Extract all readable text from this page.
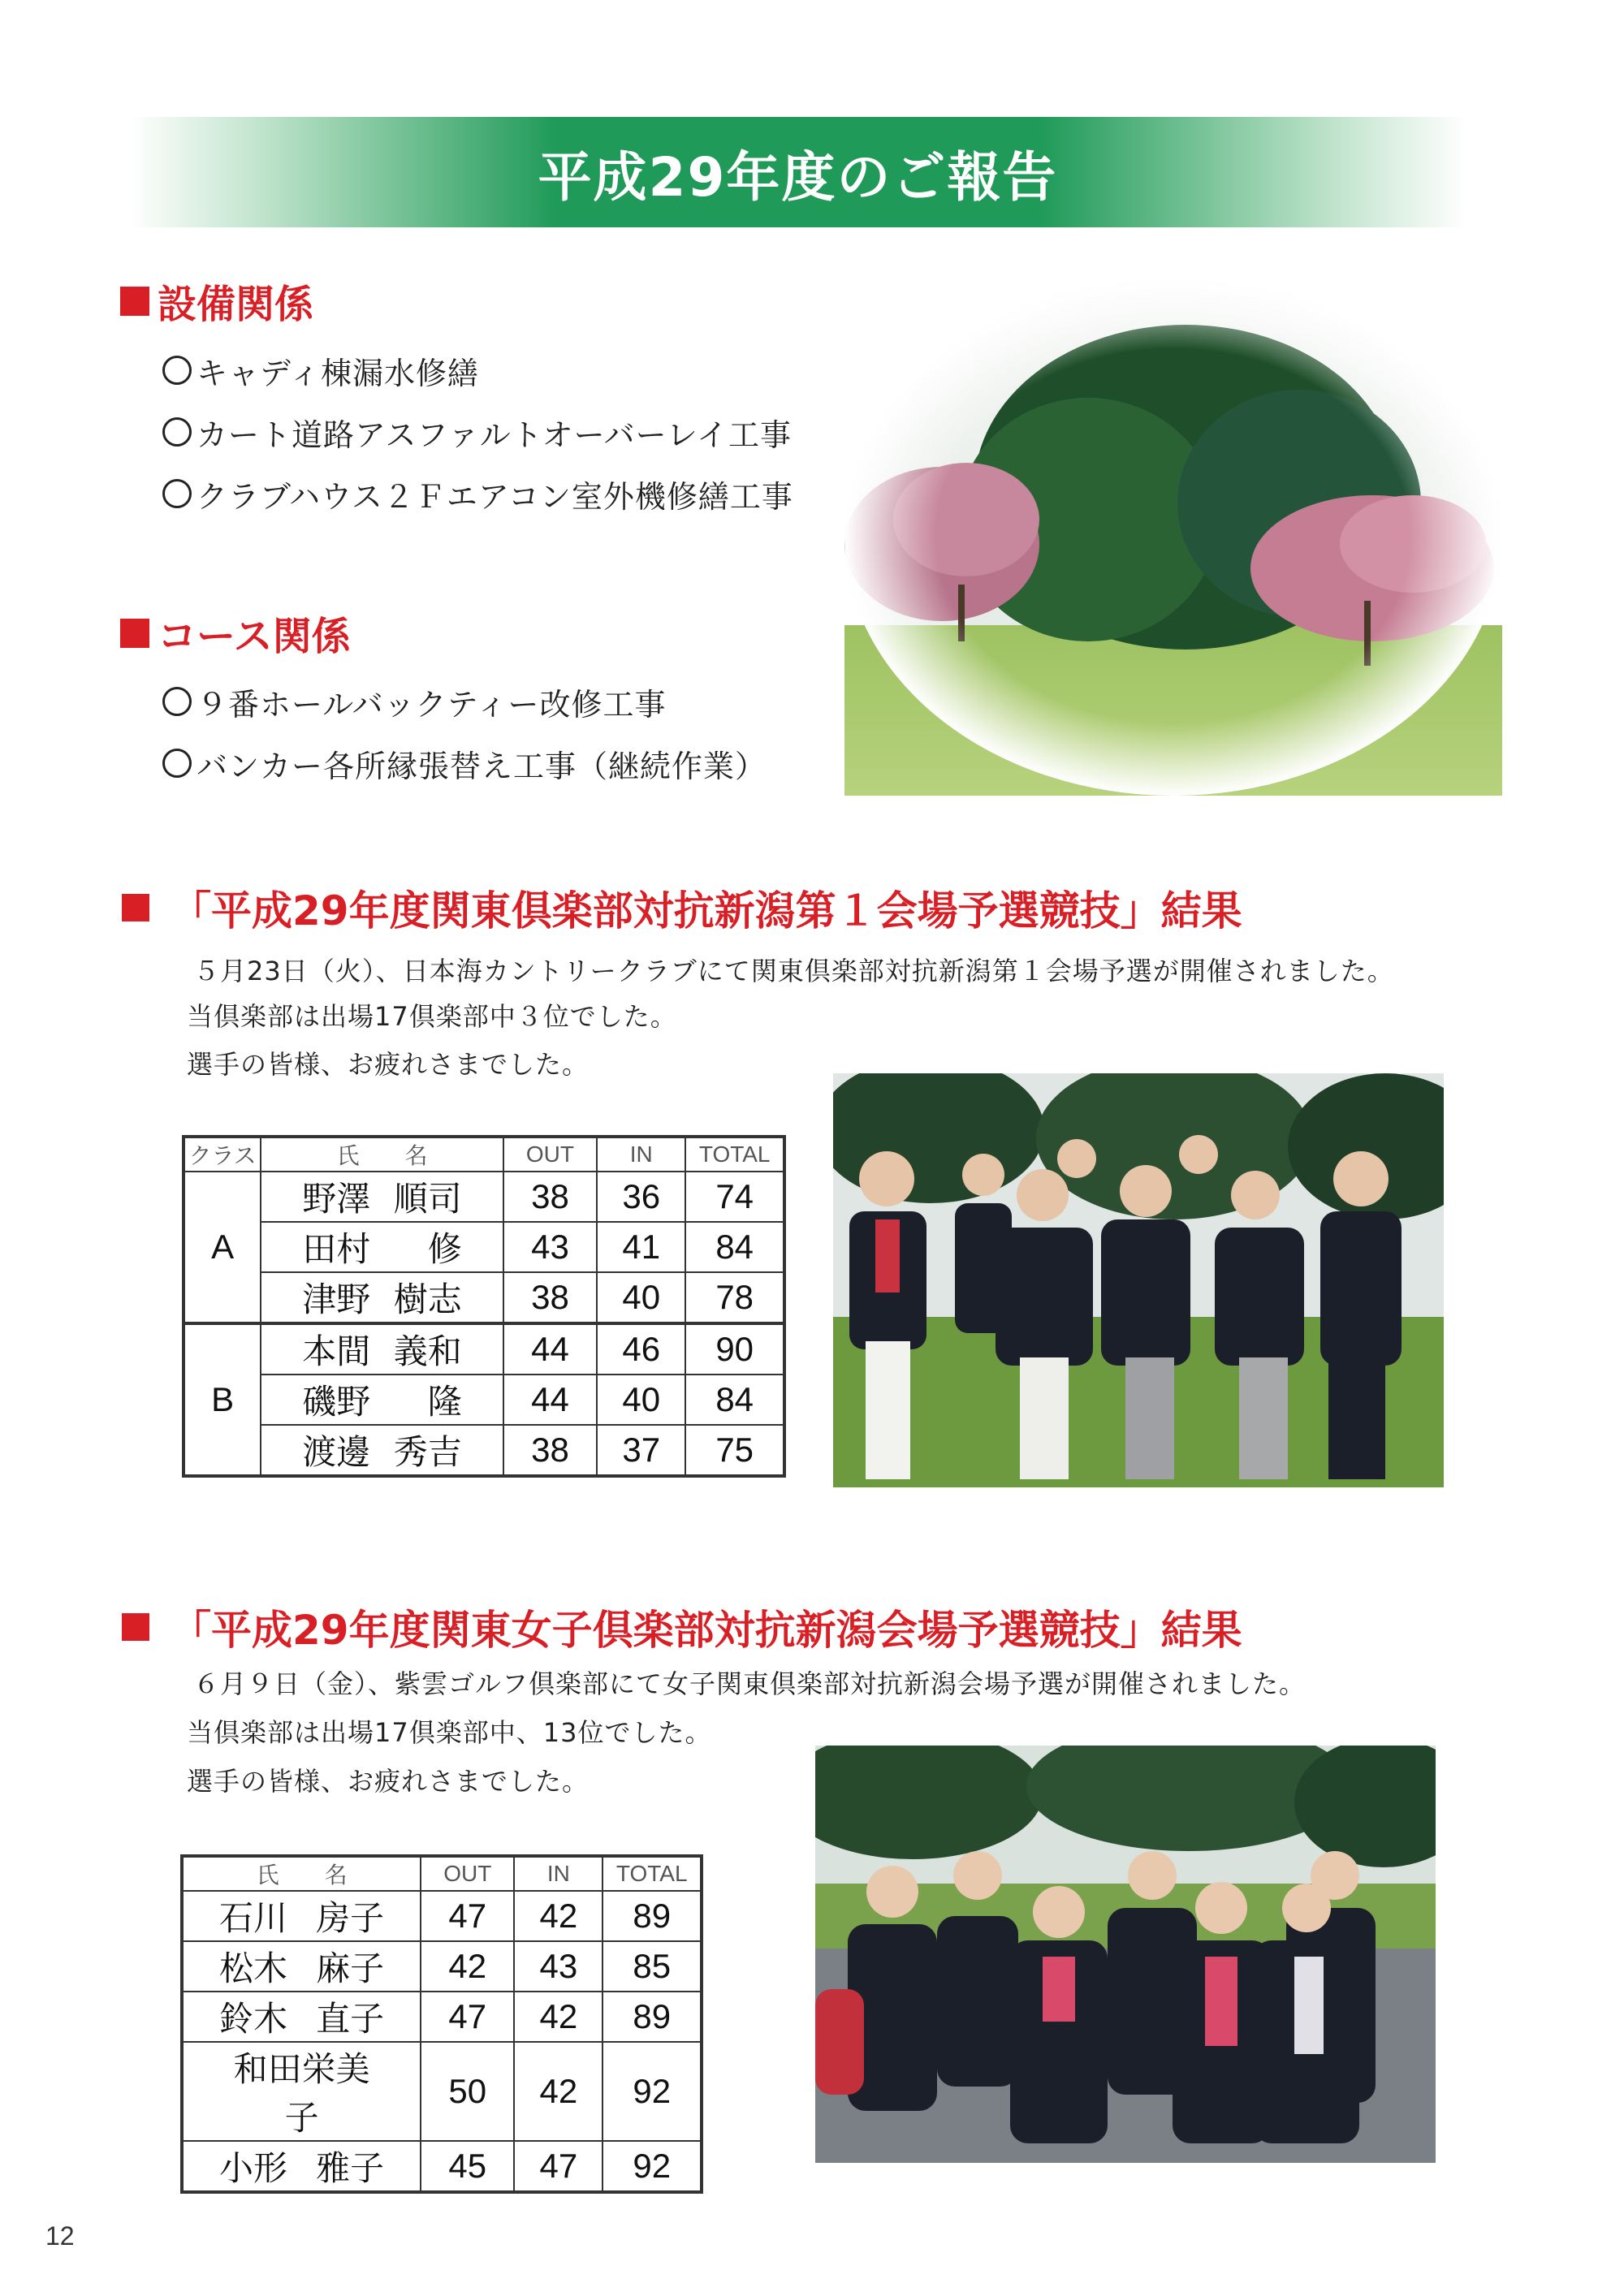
平成29年度のご報告
設備関係
キャディ棟漏水修繕
カート道路アスファルトオーバーレイ工事
クラブハウス２Ｆエアコン室外機修繕工事
コース関係
９番ホールバックティー改修工事
バンカー各所縁張替え工事（継続作業）
「平成29年度関東倶楽部対抗新潟第１会場予選競技」結果

５月23日（火）、日本海カントリークラブにて関東倶楽部対抗新潟第１会場予選が開催されました。

当倶楽部は出場17倶楽部中３位でした。

選手の皆様、お疲れさまでした。

クラス	氏　　名	OUT	IN	TOTAL
A	野澤 順司	38	36	74

	田村 修	43	41	84

	津野 樹志	38	40	78
B	本間 義和	44	46	90

	磯野 隆	44	40	84

	渡邊 秀吉	38	37	75
「平成29年度関東女子倶楽部対抗新潟会場予選競技」結果

６月９日（金）、紫雲ゴルフ倶楽部にて女子関東倶楽部対抗新潟会場予選が開催されました。

当倶楽部は出場17倶楽部中、13位でした。

選手の皆様、お疲れさまでした。

氏　　名	OUT	IN	TOTAL

石川 房子	47	42	89

松木 麻子	42	43	85

鈴木 直子	47	42	89

和田栄美子	50	42	92

小形 雅子	45	47	92
12
